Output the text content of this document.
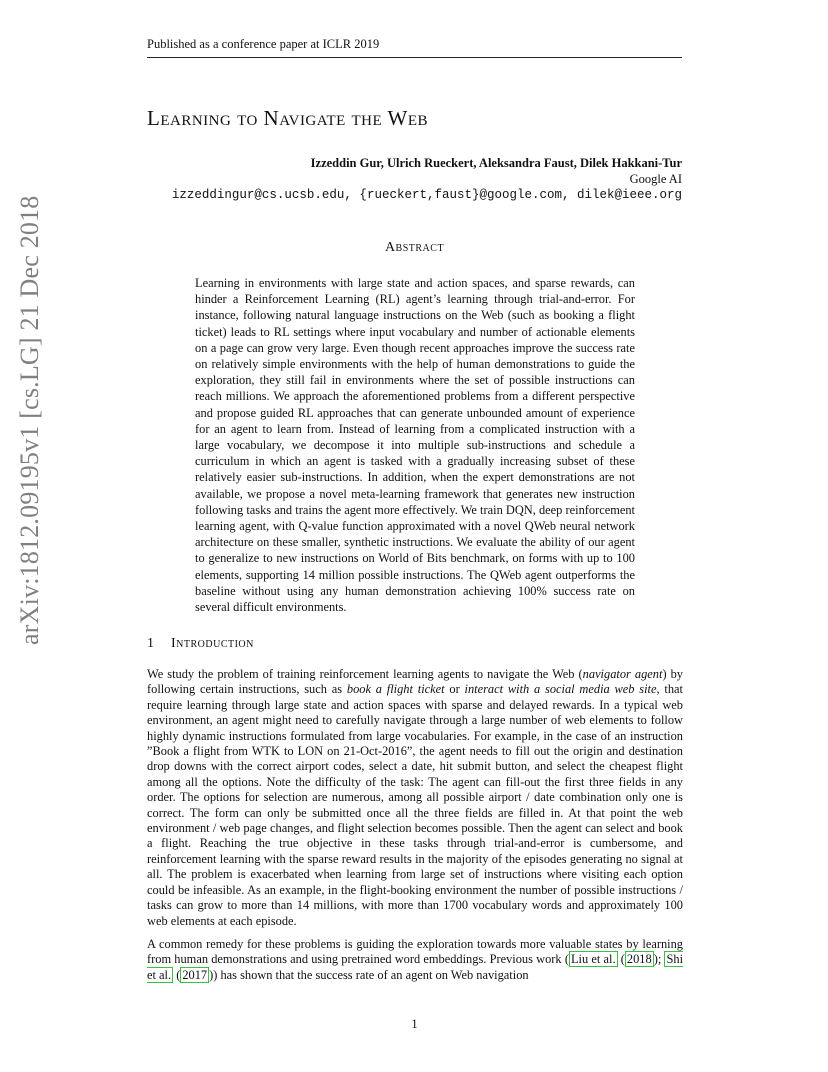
Published as a conference paper at ICLR 2019
arXiv:1812.09195v1 [cs.LG] 21 Dec 2018
Learning to Navigate the Web
Izzeddin Gur, Ulrich Rueckert, Aleksandra Faust, Dilek Hakkani-Tur
Google AI
izzeddingur@cs.ucsb.edu, {rueckert,faust}@google.com, dilek@ieee.org
Abstract
Learning in environments with large state and action spaces, and sparse rewards, can hinder a Reinforcement Learning (RL) agent’s learning through trial-and-error. For instance, following natural language instructions on the Web (such as booking a flight ticket) leads to RL settings where input vocabulary and number of actionable elements on a page can grow very large. Even though recent approaches improve the success rate on relatively simple environments with the help of human demonstrations to guide the exploration, they still fail in environments where the set of possible instructions can reach millions. We approach the aforementioned problems from a different perspective and propose guided RL approaches that can generate unbounded amount of experience for an agent to learn from. Instead of learning from a complicated instruction with a large vocabulary, we decompose it into multiple sub-instructions and schedule a curriculum in which an agent is tasked with a gradually increasing subset of these relatively easier sub-instructions. In addition, when the expert demonstrations are not available, we propose a novel meta-learning framework that generates new instruction following tasks and trains the agent more effectively. We train DQN, deep reinforcement learning agent, with Q-value function approximated with a novel QWeb neural network architecture on these smaller, synthetic instructions. We evaluate the ability of our agent to generalize to new instructions on World of Bits benchmark, on forms with up to 100 elements, supporting 14 million possible instructions. The QWeb agent outperforms the baseline without using any human demonstration achieving 100% success rate on several difficult environments.
1 Introduction

We study the problem of training reinforcement learning agents to navigate the Web (navigator agent) by following certain instructions, such as book a flight ticket or interact with a social media web site, that require learning through large state and action spaces with sparse and delayed rewards. In a typical web environment, an agent might need to carefully navigate through a large number of web elements to follow highly dynamic instructions formulated from large vocabularies. For example, in the case of an instruction ”Book a flight from WTK to LON on 21-Oct-2016”, the agent needs to fill out the origin and destination drop downs with the correct airport codes, select a date, hit submit button, and select the cheapest flight among all the options. Note the difficulty of the task: The agent can fill-out the first three fields in any order. The options for selection are numerous, among all possible airport / date combination only one is correct. The form can only be submitted once all the three fields are filled in. At that point the web environment / web page changes, and flight selection becomes possible. Then the agent can select and book a flight. Reaching the true objective in these tasks through trial-and-error is cumbersome, and reinforcement learning with the sparse reward results in the majority of the episodes generating no signal at all. The problem is exacerbated when learning from large set of instructions where visiting each option could be infeasible. As an example, in the flight-booking environment the number of possible instructions / tasks can grow to more than 14 millions, with more than 1700 vocabulary words and approximately 100 web elements at each episode.

A common remedy for these problems is guiding the exploration towards more valuable states by learning from human demonstrations and using pretrained word embeddings. Previous work ( Liu et al. ( 2018 ); Shi et al. ( 2017 )) has shown that the success rate of an agent on Web navigation

1
